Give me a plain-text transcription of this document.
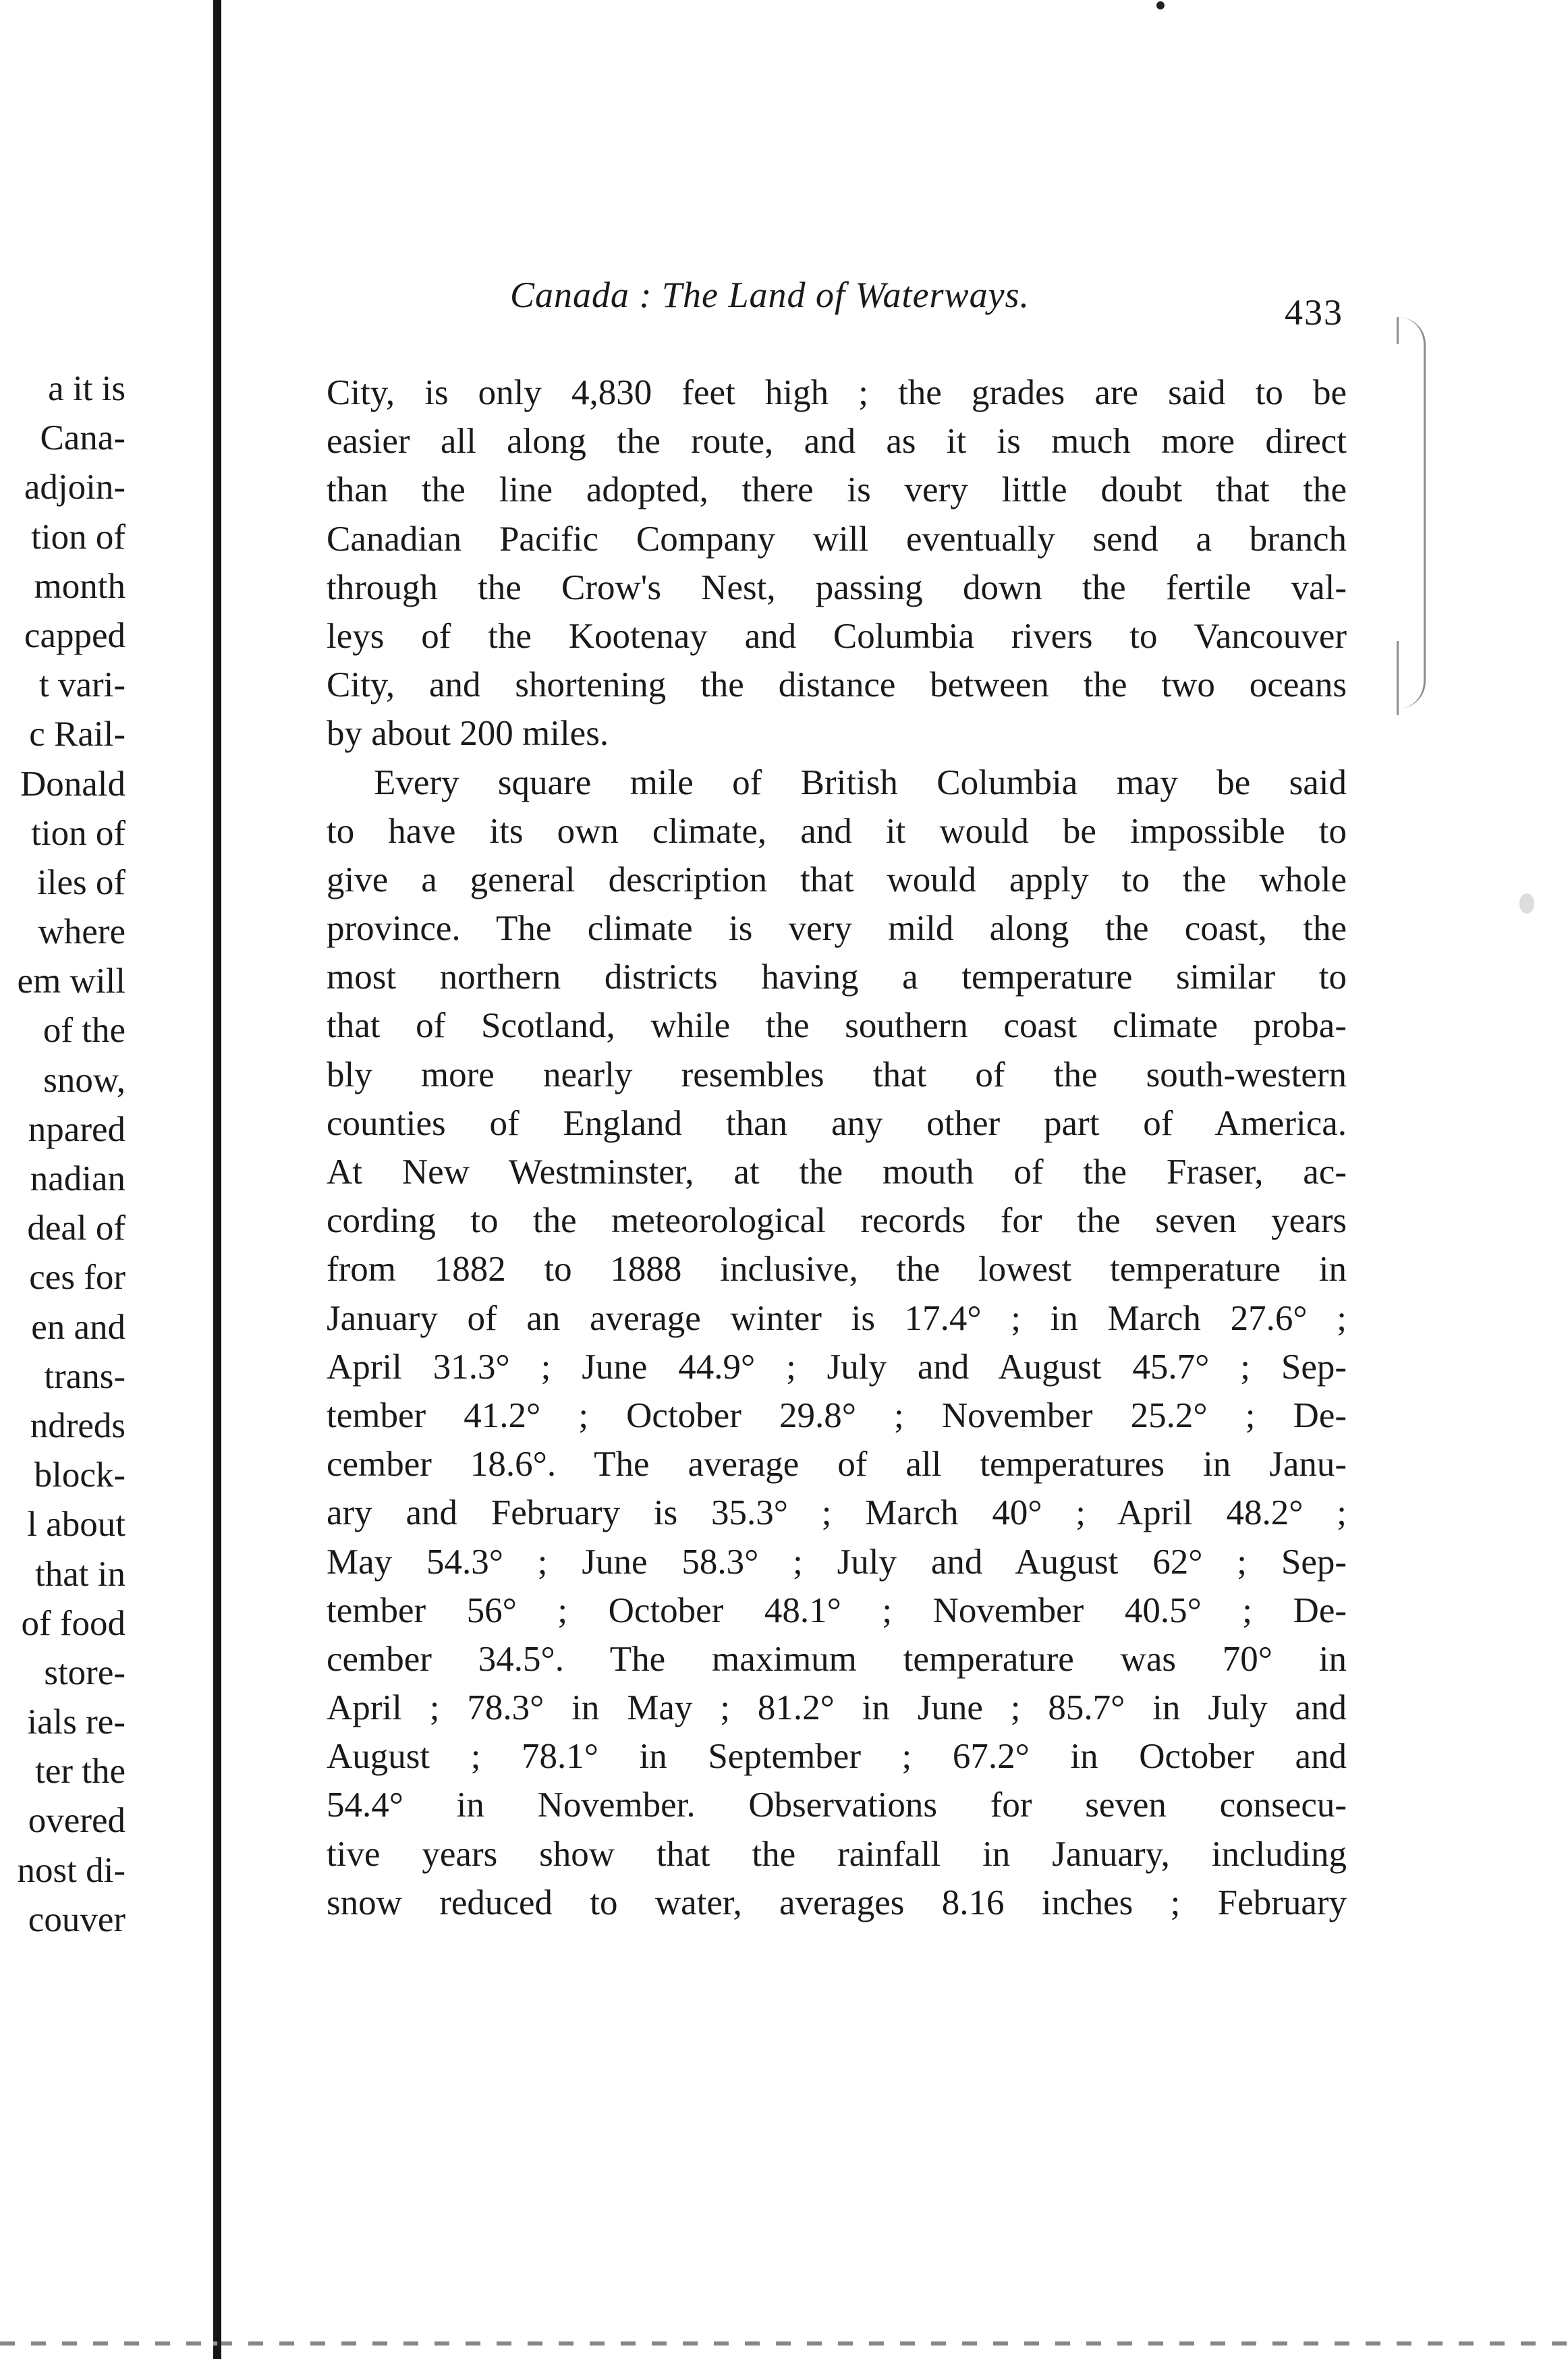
a it is
Cana-
adjoin-
tion of
month
capped
t vari-
c Rail-
Donald
tion of
iles of
where
em will
of the
snow,
npared
nadian
deal of
ces for
en and
trans-
ndreds
block-
l about
that in
of food
store-
ials re-
ter the
overed
nost di-
couver
Canada : The Land of Waterways.	433
City, is only 4,830 feet high ; the grades are said to be
easier all along the route, and as it is much more direct
than the line adopted, there is very little doubt that the
Canadian Pacific Company will eventually send a branch
through the Crow's Nest, passing down the fertile val-
leys of the Kootenay and Columbia rivers to Vancouver
City, and shortening the distance between the two oceans
by about 200 miles.
Every square mile of British Columbia may be said
to have its own climate, and it would be impossible to
give a general description that would apply to the whole
province. The climate is very mild along the coast, the
most northern districts having a temperature similar to
that of Scotland, while the southern coast climate proba-
bly more nearly resembles that of the south-western
counties of England than any other part of America.
At New Westminster, at the mouth of the Fraser, ac-
cording to the meteorological records for the seven years
from 1882 to 1888 inclusive, the lowest temperature in
January of an average winter is 17.4° ; in March 27.6° ;
April 31.3° ; June 44.9° ; July and August 45.7° ; Sep-
tember 41.2° ; October 29.8° ; November 25.2° ; De-
cember 18.6°. The average of all temperatures in Janu-
ary and February is 35.3° ; March 40° ; April 48.2° ;
May 54.3° ; June 58.3° ; July and August 62° ; Sep-
tember 56° ; October 48.1° ; November 40.5° ; De-
cember 34.5°. The maximum temperature was 70° in
April ; 78.3° in May ; 81.2° in June ; 85.7° in July and
August ; 78.1° in September ; 67.2° in October and
54.4° in November. Observations for seven consecu-
tive years show that the rainfall in January, including
snow reduced to water, averages 8.16 inches ; February
